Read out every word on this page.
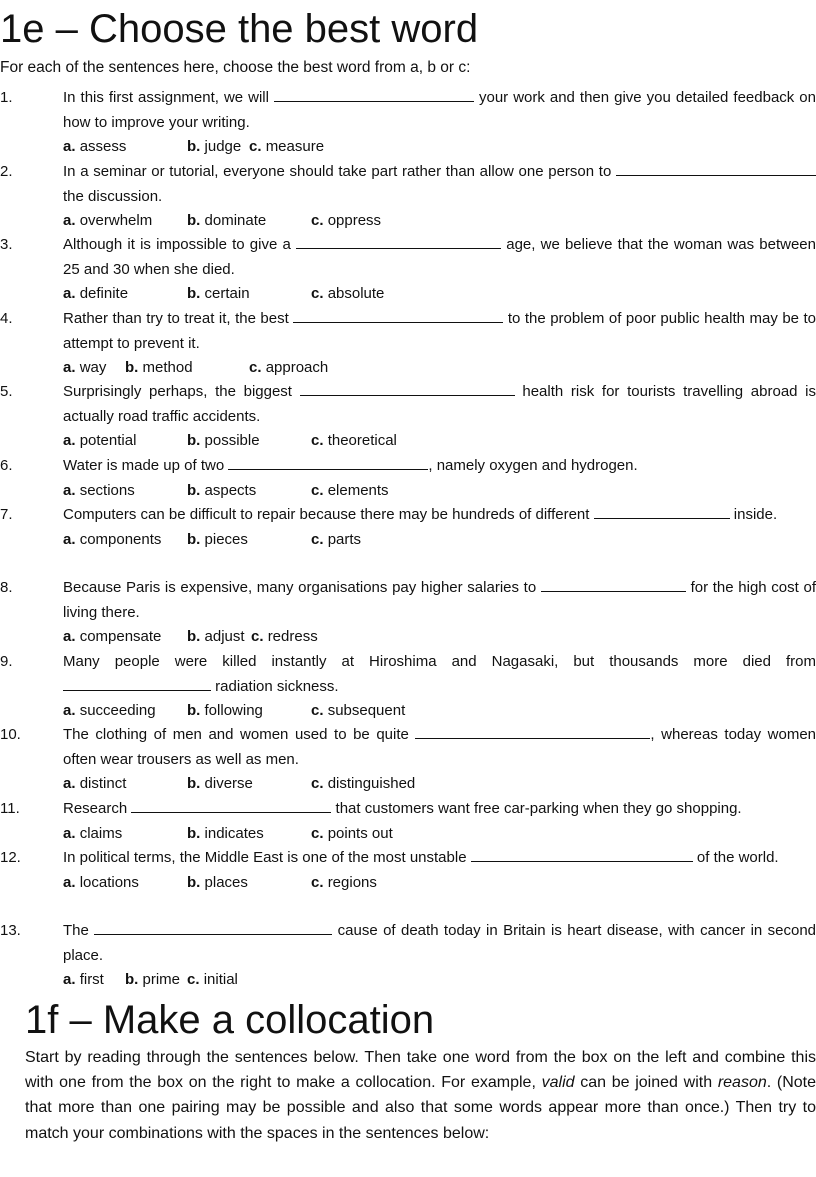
1e – Choose the best word
For each of the sentences here, choose the best word from a, b or c:
1.	In this first assignment, we will	your work and then give you detailed feedback on how to improve your writing.
a. assess	b. judge c. measure
2.	In a seminar or tutorial, everyone should take part rather than allow one person to  the discussion.
a. overwhelm b. dominate	c. oppress
3.	Although it is impossible to give a	age, we believe that the woman was between 25 and 30 when she died.
a. definite	b. certain	c. absolute
4.	Rather than try to treat it, the best	to the problem of poor public health may be to attempt to prevent it.
a. way b. method	c. approach
5.	Surprisingly perhaps, the biggest	health risk for tourists travelling abroad is actually road traffic accidents.
a. potential	b. possible	c. theoretical
6.	Water is made up of two	, namely oxygen and hydrogen.
a. sections	b. aspects	c. elements
7.	Computers can be difficult to repair because there may be hundreds of different	inside.
a. components b. pieces	c. parts
8.	Because Paris is expensive, many organisations pay higher salaries to	for the high cost of living there.
a. compensate b. adjust c. redress
9.	Many people were killed instantly at Hiroshima and Nagasaki, but thousands more died from  radiation sickness.
a. succeeding b. following	c. subsequent
10.	The clothing of men and women used to be quite	, whereas today women often wear trousers as well as men.
a. distinct	b. diverse	c. distinguished
11.	Research	that customers want free car-parking when they go shopping.
a. claims	b. indicates	c. points out
12.	In political terms, the Middle East is one of the most unstable	of the world.
a. locations	b. places	c. regions
13.	The	cause of death today in Britain is heart disease, with cancer in second place.
a. first b. prime c. initial
1f – Make a collocation
Start by reading through the sentences below. Then take one word from the box on the left and combine this with one from the box on the right to make a collocation. For example, valid can be joined with reason. (Note that more than one pairing may be possible and also that some words appear more than once.) Then try to match your combinations with the spaces in the sentences below:
